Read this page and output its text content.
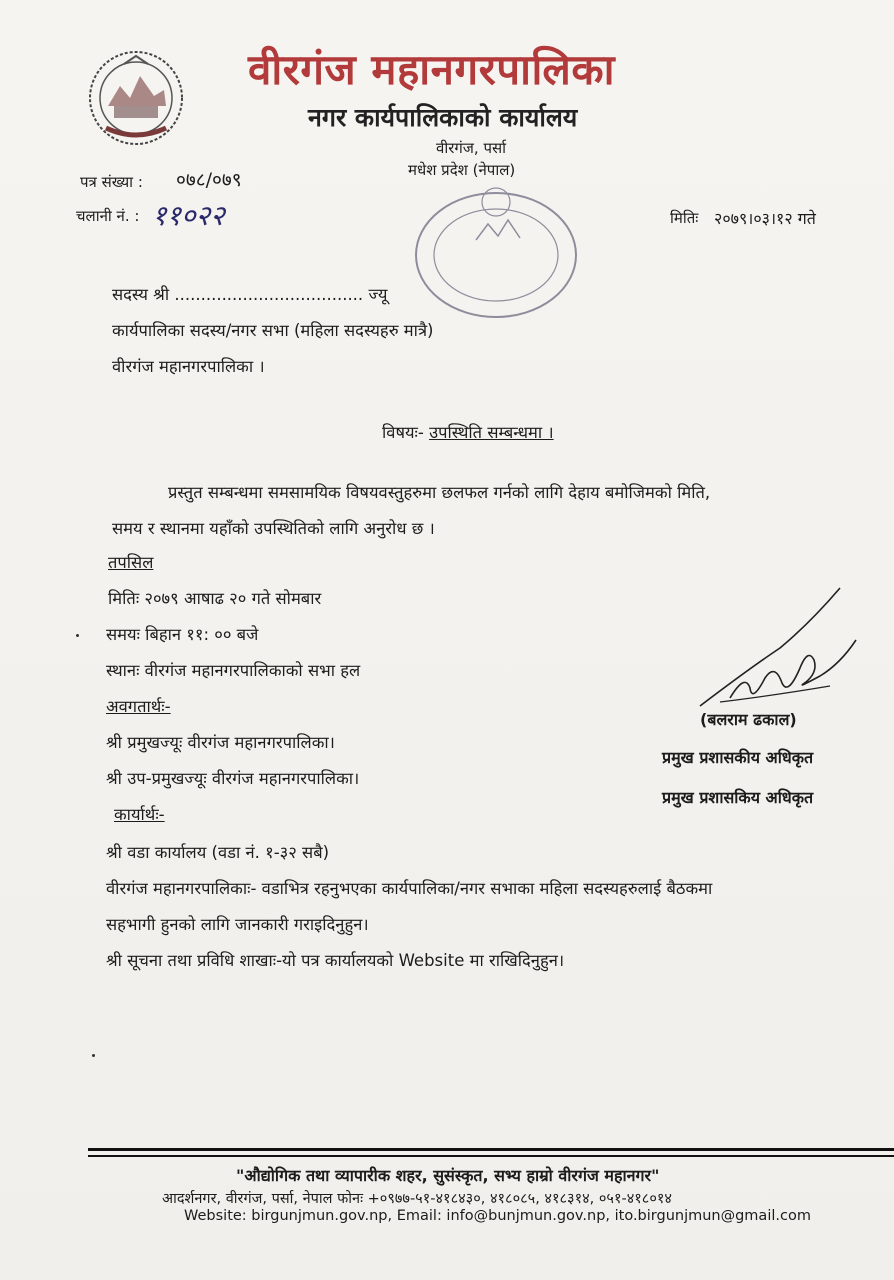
वीरगंज महानगरपालिका
नगर कार्यपालिकाको कार्यालय
वीरगंज, पर्सा
मधेश प्रदेश (नेपाल)
पत्र संख्या : ०७८/०७९
चलानी नं. : ११०२२	मितिः २०७९।०३।१२ गते
सदस्य श्री .................................... ज्यू
कार्यपालिका सदस्य/नगर सभा (महिला सदस्यहरु मात्रै)
वीरगंज महानगरपालिका ।
विषयः- उपस्थिति सम्बन्धमा ।
प्रस्तुत सम्बन्धमा समसामयिक विषयवस्तुहरुमा छलफल गर्नको लागि देहाय बमोजिमको मिति,
समय र स्थानमा यहाँको उपस्थितिको लागि अनुरोध छ ।
तपसिल
मितिः २०७९ आषाढ २० गते सोमबार
समयः बिहान ११: ०० बजे
स्थानः वीरगंज महानगरपालिकाको सभा हल
अवगतार्थः-
श्री प्रमुखज्यूः वीरगंज महानगरपालिका।
श्री उप-प्रमुखज्यूः वीरगंज महानगरपालिका।
कार्यार्थः-
श्री वडा कार्यालय (वडा नं. १-३२ सबै)
वीरगंज महानगरपालिकाः- वडाभित्र रहनुभएका कार्यपालिका/नगर सभाका महिला सदस्यहरुलाई बैठकमा
सहभागी हुनको लागि जानकारी गराइदिनुहुन।
श्री सूचना तथा प्रविधि शाखाः-यो पत्र कार्यालयको Website मा राखिदिनुहुन।
(बलराम ढकाल)
प्रमुख प्रशासकीय अधिकृत
प्रमुख प्रशासकिय अधिकृत
"औद्योगिक तथा व्यापारीक शहर, सुसंस्कृत, सभ्य हाम्रो वीरगंज महानगर"
आदर्शनगर, वीरगंज, पर्सा, नेपाल फोनः +०९७७-५१-४१८४३०, ४१८०८५, ४१८३१४, ०५१-४१८०१४
Website: birgunjmun.gov.np, Email: info@bunjmun.gov.np, ito.birgunjmun@gmail.com
